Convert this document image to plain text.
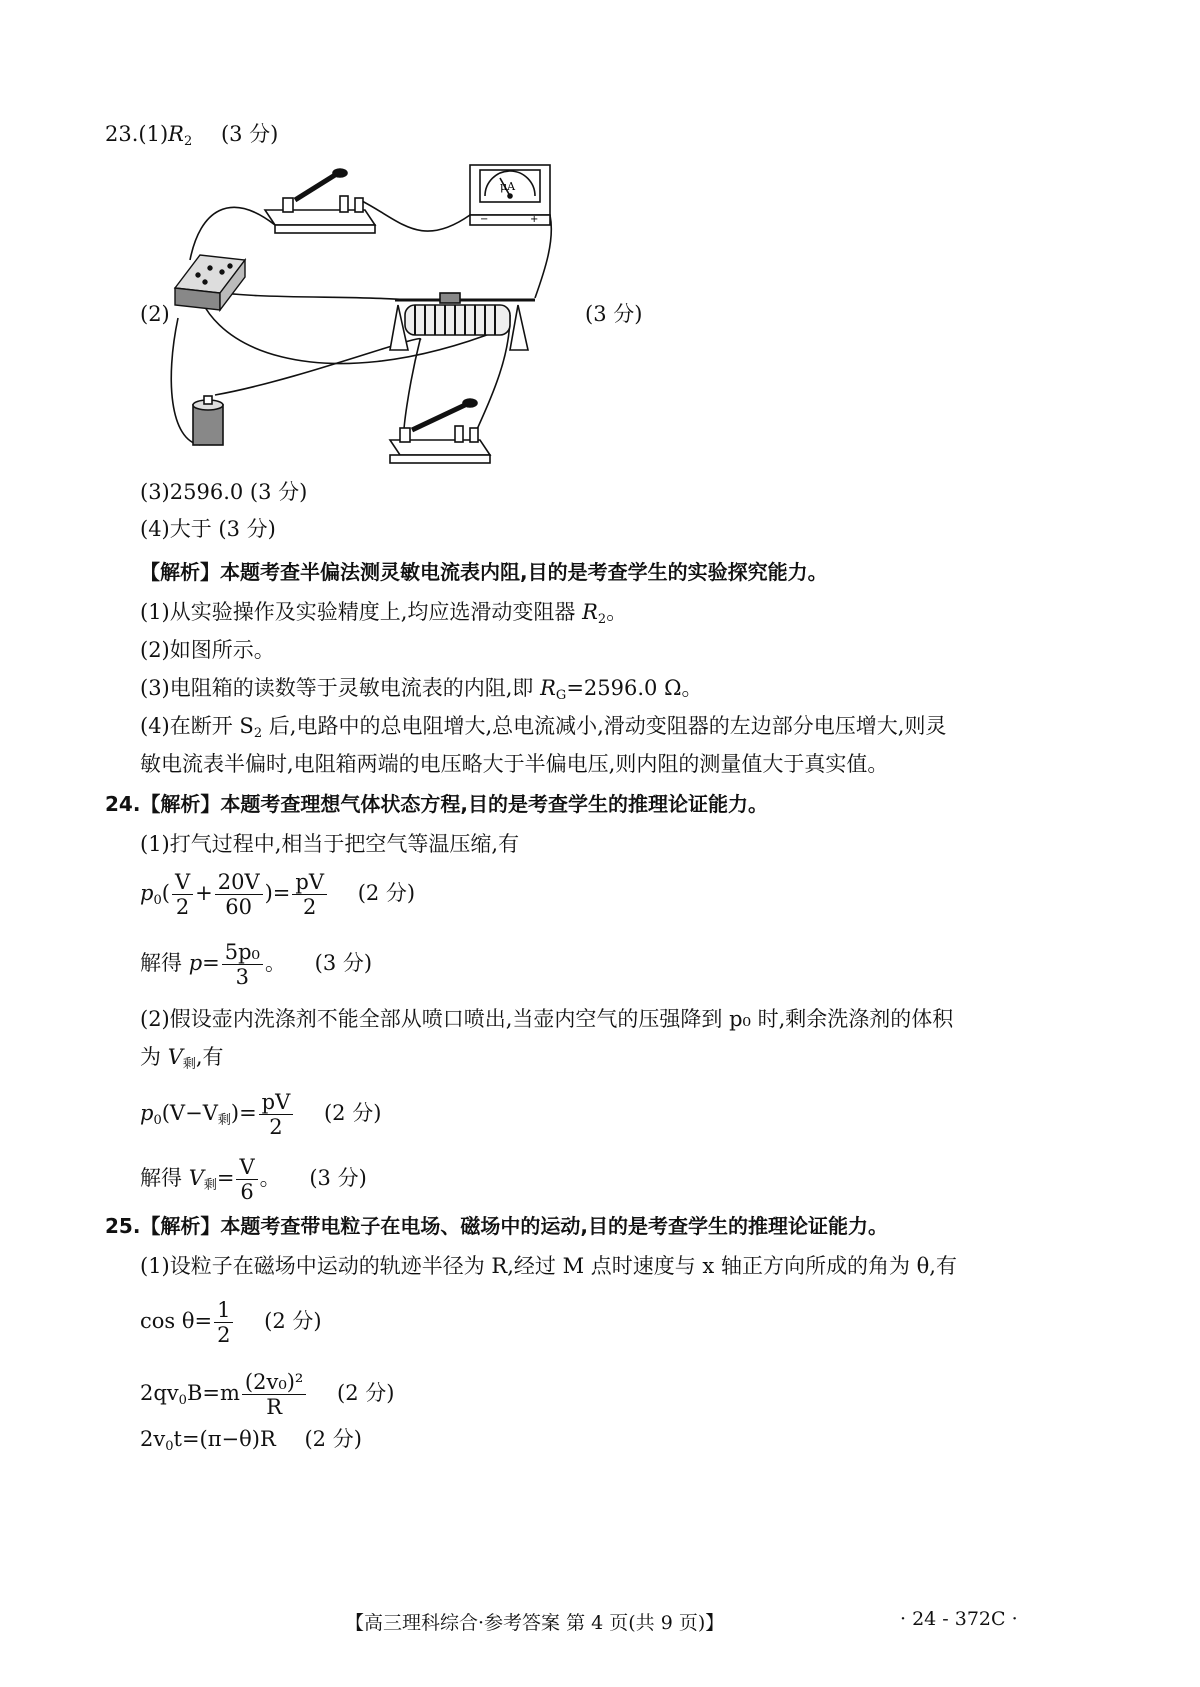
$23.(1)R_2$ (3 分)
(2)	(3 分)
μA
−	+
(3)2596.0 (3 分)
(4)大于 (3 分)
【解析】本题考查半偏法测灵敏电流表内阻,目的是考查学生的实验探究能力。
(1)从实验操作及实验精度上,均应选滑动变阻器 $R_2$。
(2)如图所示。
(3)电阻箱的读数等于灵敏电流表的内阻,即 $R_G=2596.0$ Ω。
(4)在断开 $S_2$ 后,电路中的总电阻增大,总电流减小,滑动变阻器的左边部分电压增大,则灵
敏电流表半偏时,电阻箱两端的电压略大于半偏电压,则内阻的测量值大于真实值。
24.【解析】本题考查理想气体状态方程,目的是考查学生的推理论证能力。
(1)打气过程中,相当于把空气等温压缩,有
$p_0( \frac{V}{2} + \frac{20V}{60}$ )= $\frac{pV}{2} (2$ 分)
解得 $p= \frac{\text{5p₀}}{3}$ 。 (3 分)
(2)假设壶内洗涤剂不能全部从喷口喷出,当壶内空气的压强降到 p₀ 时,剩余洗涤剂的体积
为 $V_剩$,有
$p_0(V-V_剩)= \frac{pV}{2} (2$ 分)
解得 $V_剩= \frac{V}{6}$ 。 (3 分)
25.【解析】本题考查带电粒子在电场、磁场中的运动,目的是考查学生的推理论证能力。
(1)设粒子在磁场中运动的轨迹半径为 R,经过 M 点时速度与 x 轴正方向所成的角为 θ,有
$\cos \theta= \frac{1}{2} (2$ 分)
$2qv_0B=m \frac{\text{(2v₀)²}}{R} (2$ 分)
$2v_0t=(\pi-\theta)R$ (2 分)
【高三理科综合·参考答案 第 4 页(共 9 页)】	· 24 - 372C ·
